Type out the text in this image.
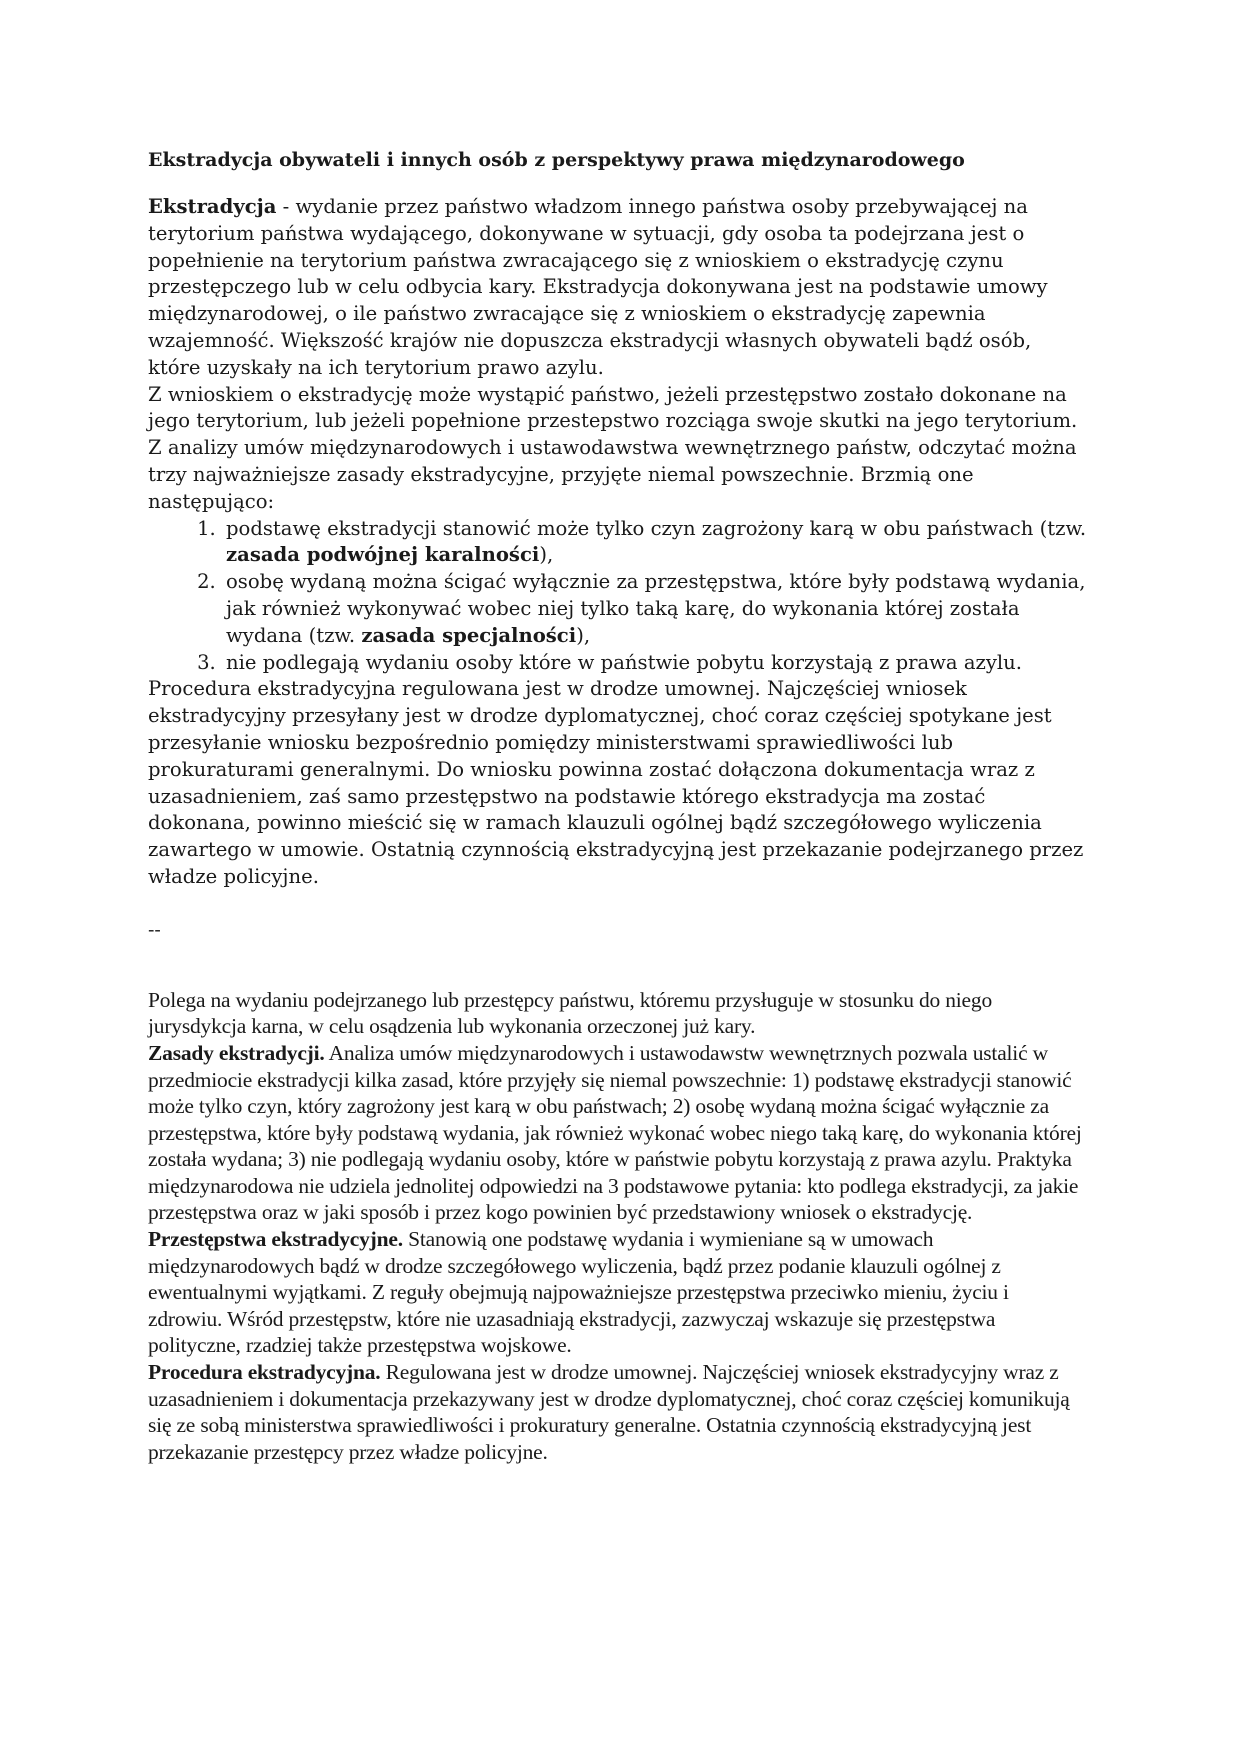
Ekstradycja obywateli i innych osób z perspektywy prawa międzynarodowego

Ekstradycja - wydanie przez państwo władzom innego państwa osoby przebywającej na terytorium państwa wydającego, dokonywane w sytuacji, gdy osoba ta podejrzana jest o popełnienie na terytorium państwa zwracającego się z wnioskiem o ekstradycję czynu przestępczego lub w celu odbycia kary. Ekstradycja dokonywana jest na podstawie umowy międzynarodowej, o ile państwo zwracające się z wnioskiem o ekstradycję zapewnia wzajemność. Większość krajów nie dopuszcza ekstradycji własnych obywateli bądź osób, które uzyskały na ich terytorium prawo azylu.

Z wnioskiem o ekstradycję może wystąpić państwo, jeżeli przestępstwo zostało dokonane na jego terytorium, lub jeżeli popełnione przestepstwo rozciąga swoje skutki na jego terytorium.

Z analizy umów międzynarodowych i ustawodawstwa wewnętrznego państw, odczytać można trzy najważniejsze zasady ekstradycyjne, przyjęte niemal powszechnie. Brzmią one następująco:

1. podstawę ekstradycji stanowić może tylko czyn zagrożony karą w obu państwach (tzw. zasada podwójnej karalności),
2. osobę wydaną można ścigać wyłącznie za przestępstwa, które były podstawą wydania, jak również wykonywać wobec niej tylko taką karę, do wykonania której została wydana (tzw. zasada specjalności),
3. nie podlegają wydaniu osoby które w państwie pobytu korzystają z prawa azylu.

Procedura ekstradycyjna regulowana jest w drodze umownej. Najczęściej wniosek ekstradycyjny przesyłany jest w drodze dyplomatycznej, choć coraz częściej spotykane jest przesyłanie wniosku bezpośrednio pomiędzy ministerstwami sprawiedliwości lub prokuraturami generalnymi. Do wniosku powinna zostać dołączona dokumentacja wraz z uzasadnieniem, zaś samo przestępstwo na podstawie którego ekstradycja ma zostać dokonana, powinno mieścić się w ramach klauzuli ogólnej bądź szczegółowego wyliczenia zawartego w umowie. Ostatnią czynnością ekstradycyjną jest przekazanie podejrzanego przez władze policyjne.

--

Polega na wydaniu podejrzanego lub przestępcy państwu, któremu przysługuje w stosunku do niego jurysdykcja karna, w celu osądzenia lub wykonania orzeczonej już kary.

Zasady ekstradycji. Analiza umów międzynarodowych i ustawodawstw wewnętrznych pozwala ustalić w przedmiocie ekstradycji kilka zasad, które przyjęły się niemal powszechnie: 1) podstawę ekstradycji stanowić może tylko czyn, który zagrożony jest karą w obu państwach; 2) osobę wydaną można ścigać wyłącznie za przestępstwa, które były podstawą wydania, jak również wykonać wobec niego taką karę, do wykonania której została wydana; 3) nie podlegają wydaniu osoby, które w państwie pobytu korzystają z prawa azylu. Praktyka międzynarodowa nie udziela jednolitej odpowiedzi na 3 podstawowe pytania: kto podlega ekstradycji, za jakie przestępstwa oraz w jaki sposób i przez kogo powinien być przedstawiony wniosek o ekstradycję.

Przestępstwa ekstradycyjne. Stanowią one podstawę wydania i wymieniane są w umowach międzynarodowych bądź w drodze szczegółowego wyliczenia, bądź przez podanie klauzuli ogólnej z ewentualnymi wyjątkami. Z reguły obejmują najpoważniejsze przestępstwa przeciwko mieniu, życiu i zdrowiu. Wśród przestępstw, które nie uzasadniają ekstradycji, zazwyczaj wskazuje się przestępstwa polityczne, rzadziej także przestępstwa wojskowe.

Procedura ekstradycyjna. Regulowana jest w drodze umownej. Najczęściej wniosek ekstradycyjny wraz z uzasadnieniem i dokumentacja przekazywany jest w drodze dyplomatycznej, choć coraz częściej komunikują się ze sobą ministerstwa sprawiedliwości i prokuratury generalne. Ostatnia czynnością ekstradycyjną jest przekazanie przestępcy przez władze policyjne.
